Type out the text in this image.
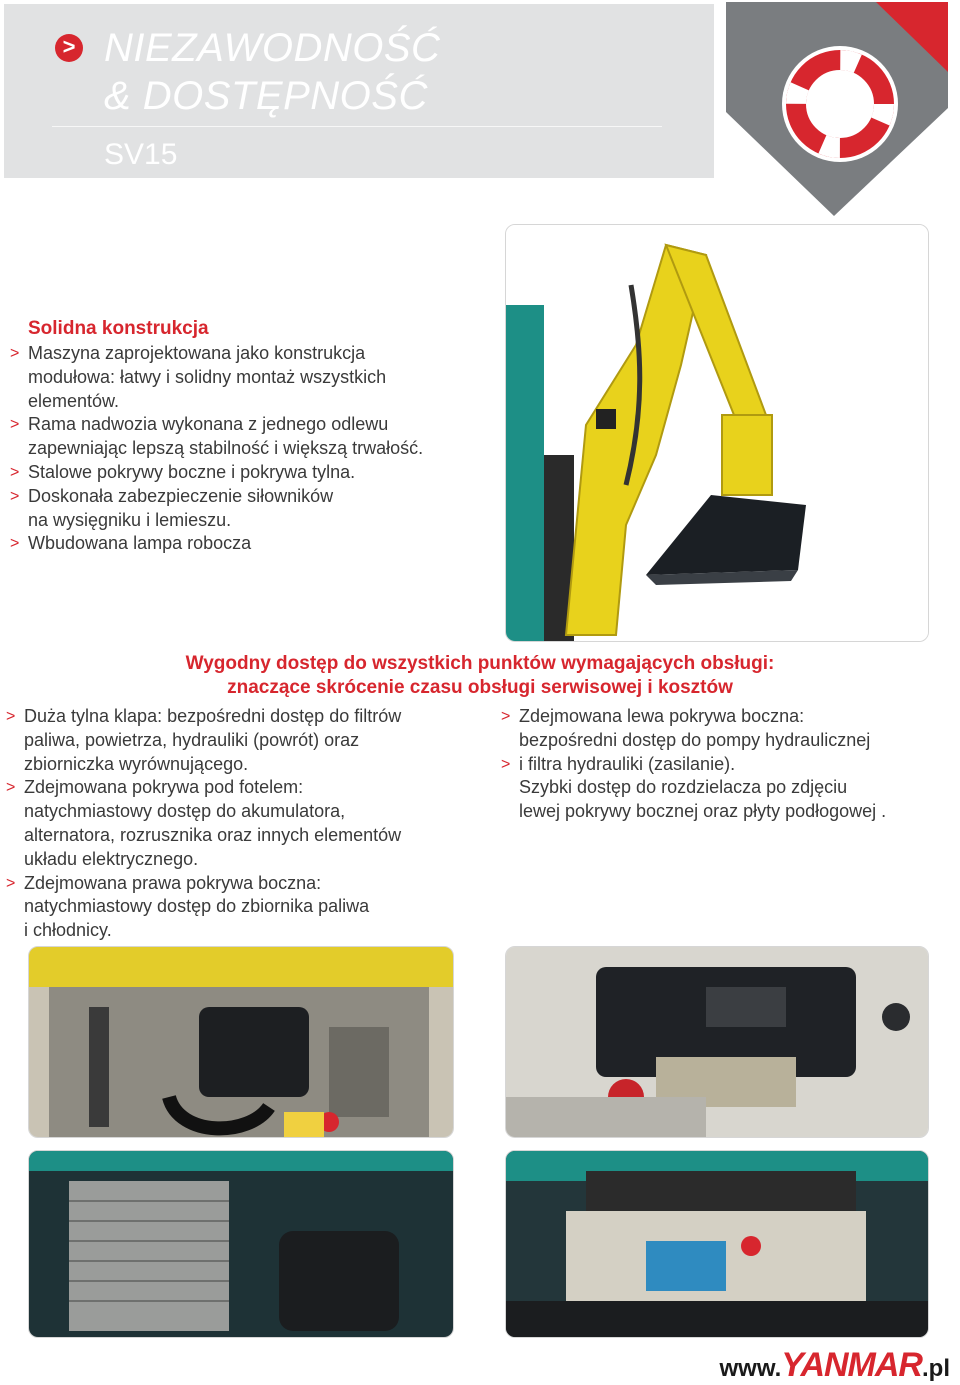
> NIEZAWODNOŚĆ
& DOSTĘPNOŚĆ
SV15
Solidna konstrukcja
> Maszyna zaprojektowana jako konstrukcja
modułowa: łatwy i solidny montaż wszystkich
elementów.
> Rama nadwozia wykonana z jednego odlewu
zapewniając lepszą stabilność i większą trwałość.
> Stalowe pokrywy boczne i pokrywa tylna.
> Doskonała zabezpieczenie siłowników
na wysięgniku i lemieszu.
> Wbudowana lampa robocza
Wygodny dostęp do wszystkich punktów wymagających obsługi:
znaczące skrócenie czasu obsługi serwisowej i kosztów
> Duża tylna klapa: bezpośredni dostęp do filtrów
paliwa, powietrza, hydrauliki (powrót) oraz
zbiorniczka wyrównującego.
> Zdejmowana pokrywa pod fotelem:
natychmiastowy dostęp do akumulatora,
alternatora, rozrusznika oraz innych elementów
układu elektrycznego.
> Zdejmowana prawa pokrywa boczna:
natychmiastowy dostęp do zbiornika paliwa
i chłodnicy.
> Zdejmowana lewa pokrywa boczna:
bezpośredni dostęp do pompy hydraulicznej
> i filtra hydrauliki (zasilanie).
Szybki dostęp do rozdzielacza po zdjęciu
lewej pokrywy bocznej oraz płyty podłogowej .
www.YANMAR.pl
